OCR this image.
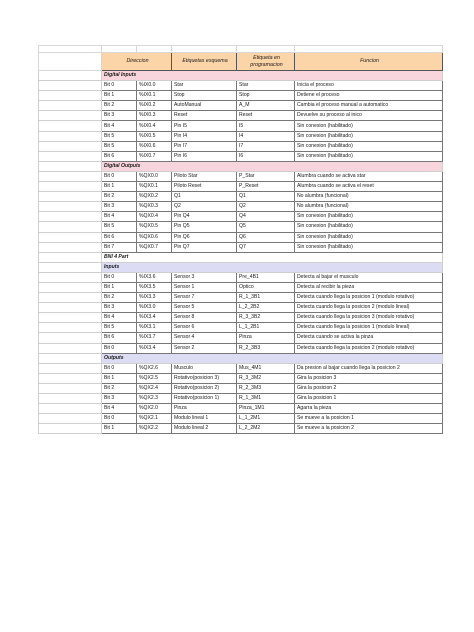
	Direccion		Etiquetas esquema	Etiqueta en programacion	Funcion
	Digital Inputs				
	Bit 0	%IX0.0	Star	Star	Inicia el proceso
	Bit 1	%IX0.1	Stop	Stop	Detiene el proceso
	Bit 2	%IX0.2	AutoManual	A_M	Cambia el proceso manual a automatico
	Bit 3	%IX0.3	Reset	Reset	Devuelve su proceso al inico
	Bit 4	%IX0.4	Pin I5	I5	Sin conexion (habilitado)
	Bit 5	%IX0.5	Pin I4	I4	Sin conexion (habilitado)
	Bit 5	%IX0.6	Pin I7	I7	Sin conexion (habilitado)
	Bit 6	%IX0.7	Pin I6	I6	Sin conexion (habilitado)
	Digital Outputs				
	Bit 0	%QX0.0	Piloto Star	P_Star	Alumbra cuando se activa star
	Bit 1	%QX0.1	Piloto Reset	P_Reset	Alumbra cuando se activa el reset
	Bit 2	%QX0.2	Q1	Q1	No alumbra (funcional)
	Bit 3	%QX0.3	Q2	Q2	No alumbra (funcional)
	Bit 4	%QX0.4	Pin Q4	Q4	Sin conexion (habilitado)
	Bit 5	%QX0.5	Pin Q5	Q5	Sin conexion (habilitado)
	Bit 6	%QX0.6	Pin Q6	Q6	Sin conexion (habilitado)
	Bit 7	%QX0.7	Pin Q7	Q7	Sin conexion (habilitado)
	BNI 4 Part				
	Inputs				
	Bit 0	%IX3.6	Sensor 3	Pre_4B1	Detecta al bajar el musculo
	Bit 1	%IX3.5	Sensor 1	Optico	Detecta al recibir la pieza
	Bit 2	%IX3.3	Sensor 7	R_1_3B1	Detecta cuando llega la posicion 1 (modulo rotativo)
	Bit 3	%IX3.0	Sensor 5	L_2_2B2	Detecta cuando llega la posicion 2 (modulo lineal)
	Bit 4	%IX3.4	Sensor 8	R_3_3B2	Detecta cuando llega la posicion 3 (modulo rotativo)
	Bit 5	%IX3.1	Sensor 6	L_1_2B1	Detecta cuando llega la posicion 1 (modulo lineal)
	Bit 6	%IX3.7	Sensor 4	Pinza	Detecta cuando se activa la pinza
	Bit 0	%IX3.4	Sensor 2	R_2_3B3	Detecta cuando llega la posicion 2 (modulo rotativo)
	Outputs				
	Bit 0	%QX2.6	Musculo	Mus_4M1	Da presion al bajar cuando llega la posicion 2
	Bit 1	%QX2.5	Rotativo(posicion 3)	R_3_3M2	Gira la posicion 3
	Bit 2	%QX2.4	Rotativo(posicion 2)	R_2_3M3	Gira la posicion 2
	Bit 3	%QX2.3	Rotativo(posicion 1)	R_1_3M1	Gira la posicion 1
	Bit 4	%QX2.0	Pinza	Pinza_1M1	Agarra la pieza
	Bit 0	%QX2.1	Modulo lineal 1	L_1_2M1	Se mueve a la posicion 1
	Bit 1	%QX2.2	Modulo lineal 2	L_2_2M2	Se mueve a la posicion 2
